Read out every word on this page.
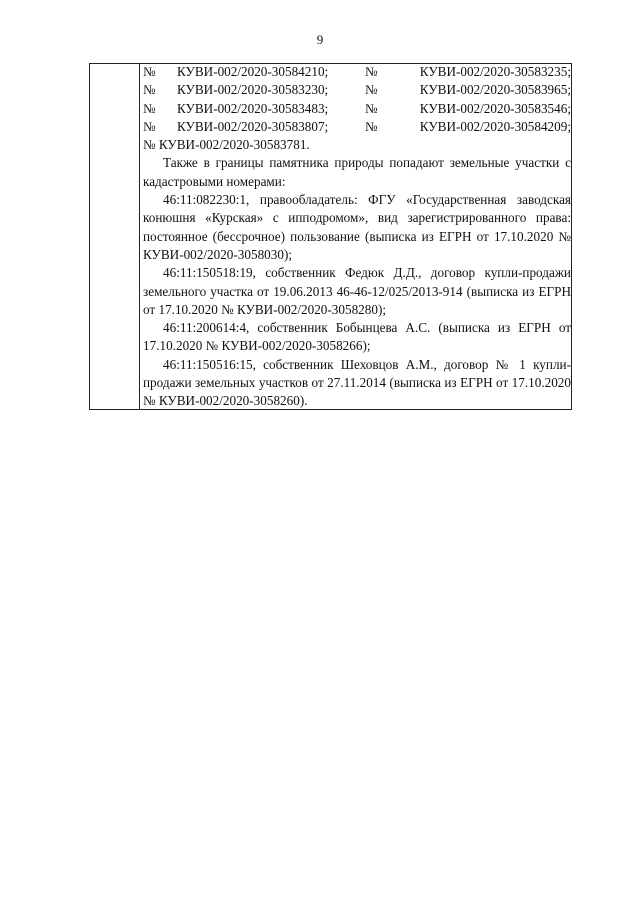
9
№	КУВИ-002/2020-30584210;	№	КУВИ-002/2020-30583235;
№	КУВИ-002/2020-30583230;	№	КУВИ-002/2020-30583965;
№	КУВИ-002/2020-30583483;	№	КУВИ-002/2020-30583546;
№	КУВИ-002/2020-30583807;	№	КУВИ-002/2020-30584209;
№ КУВИ-002/2020-30583781.

Также в границы памятника природы попадают земельные участки с кадастровыми номерами:

46:11:082230:1, правообладатель: ФГУ «Государственная заводская конюшня «Курская» с ипподромом», вид зарегистрированного права: постоянное (бессрочное) пользование (выписка из ЕГРН от 17.10.2020 № КУВИ-002/2020-3058030);

46:11:150518:19, собственник Федюк Д.Д., договор купли-продажи земельного участка от 19.06.2013 46-46-12/025/2013-914 (выписка из ЕГРН от 17.10.2020 № КУВИ-002/2020-3058280);

46:11:200614:4, собственник Бобынцева А.С. (выписка из ЕГРН от 17.10.2020 № КУВИ-002/2020-3058266);

46:11:150516:15, собственник Шеховцов А.М., договор № 1 купли-продажи земельных участков от 27.11.2014 (выписка из ЕГРН от 17.10.2020 № КУВИ-002/2020-3058260).
